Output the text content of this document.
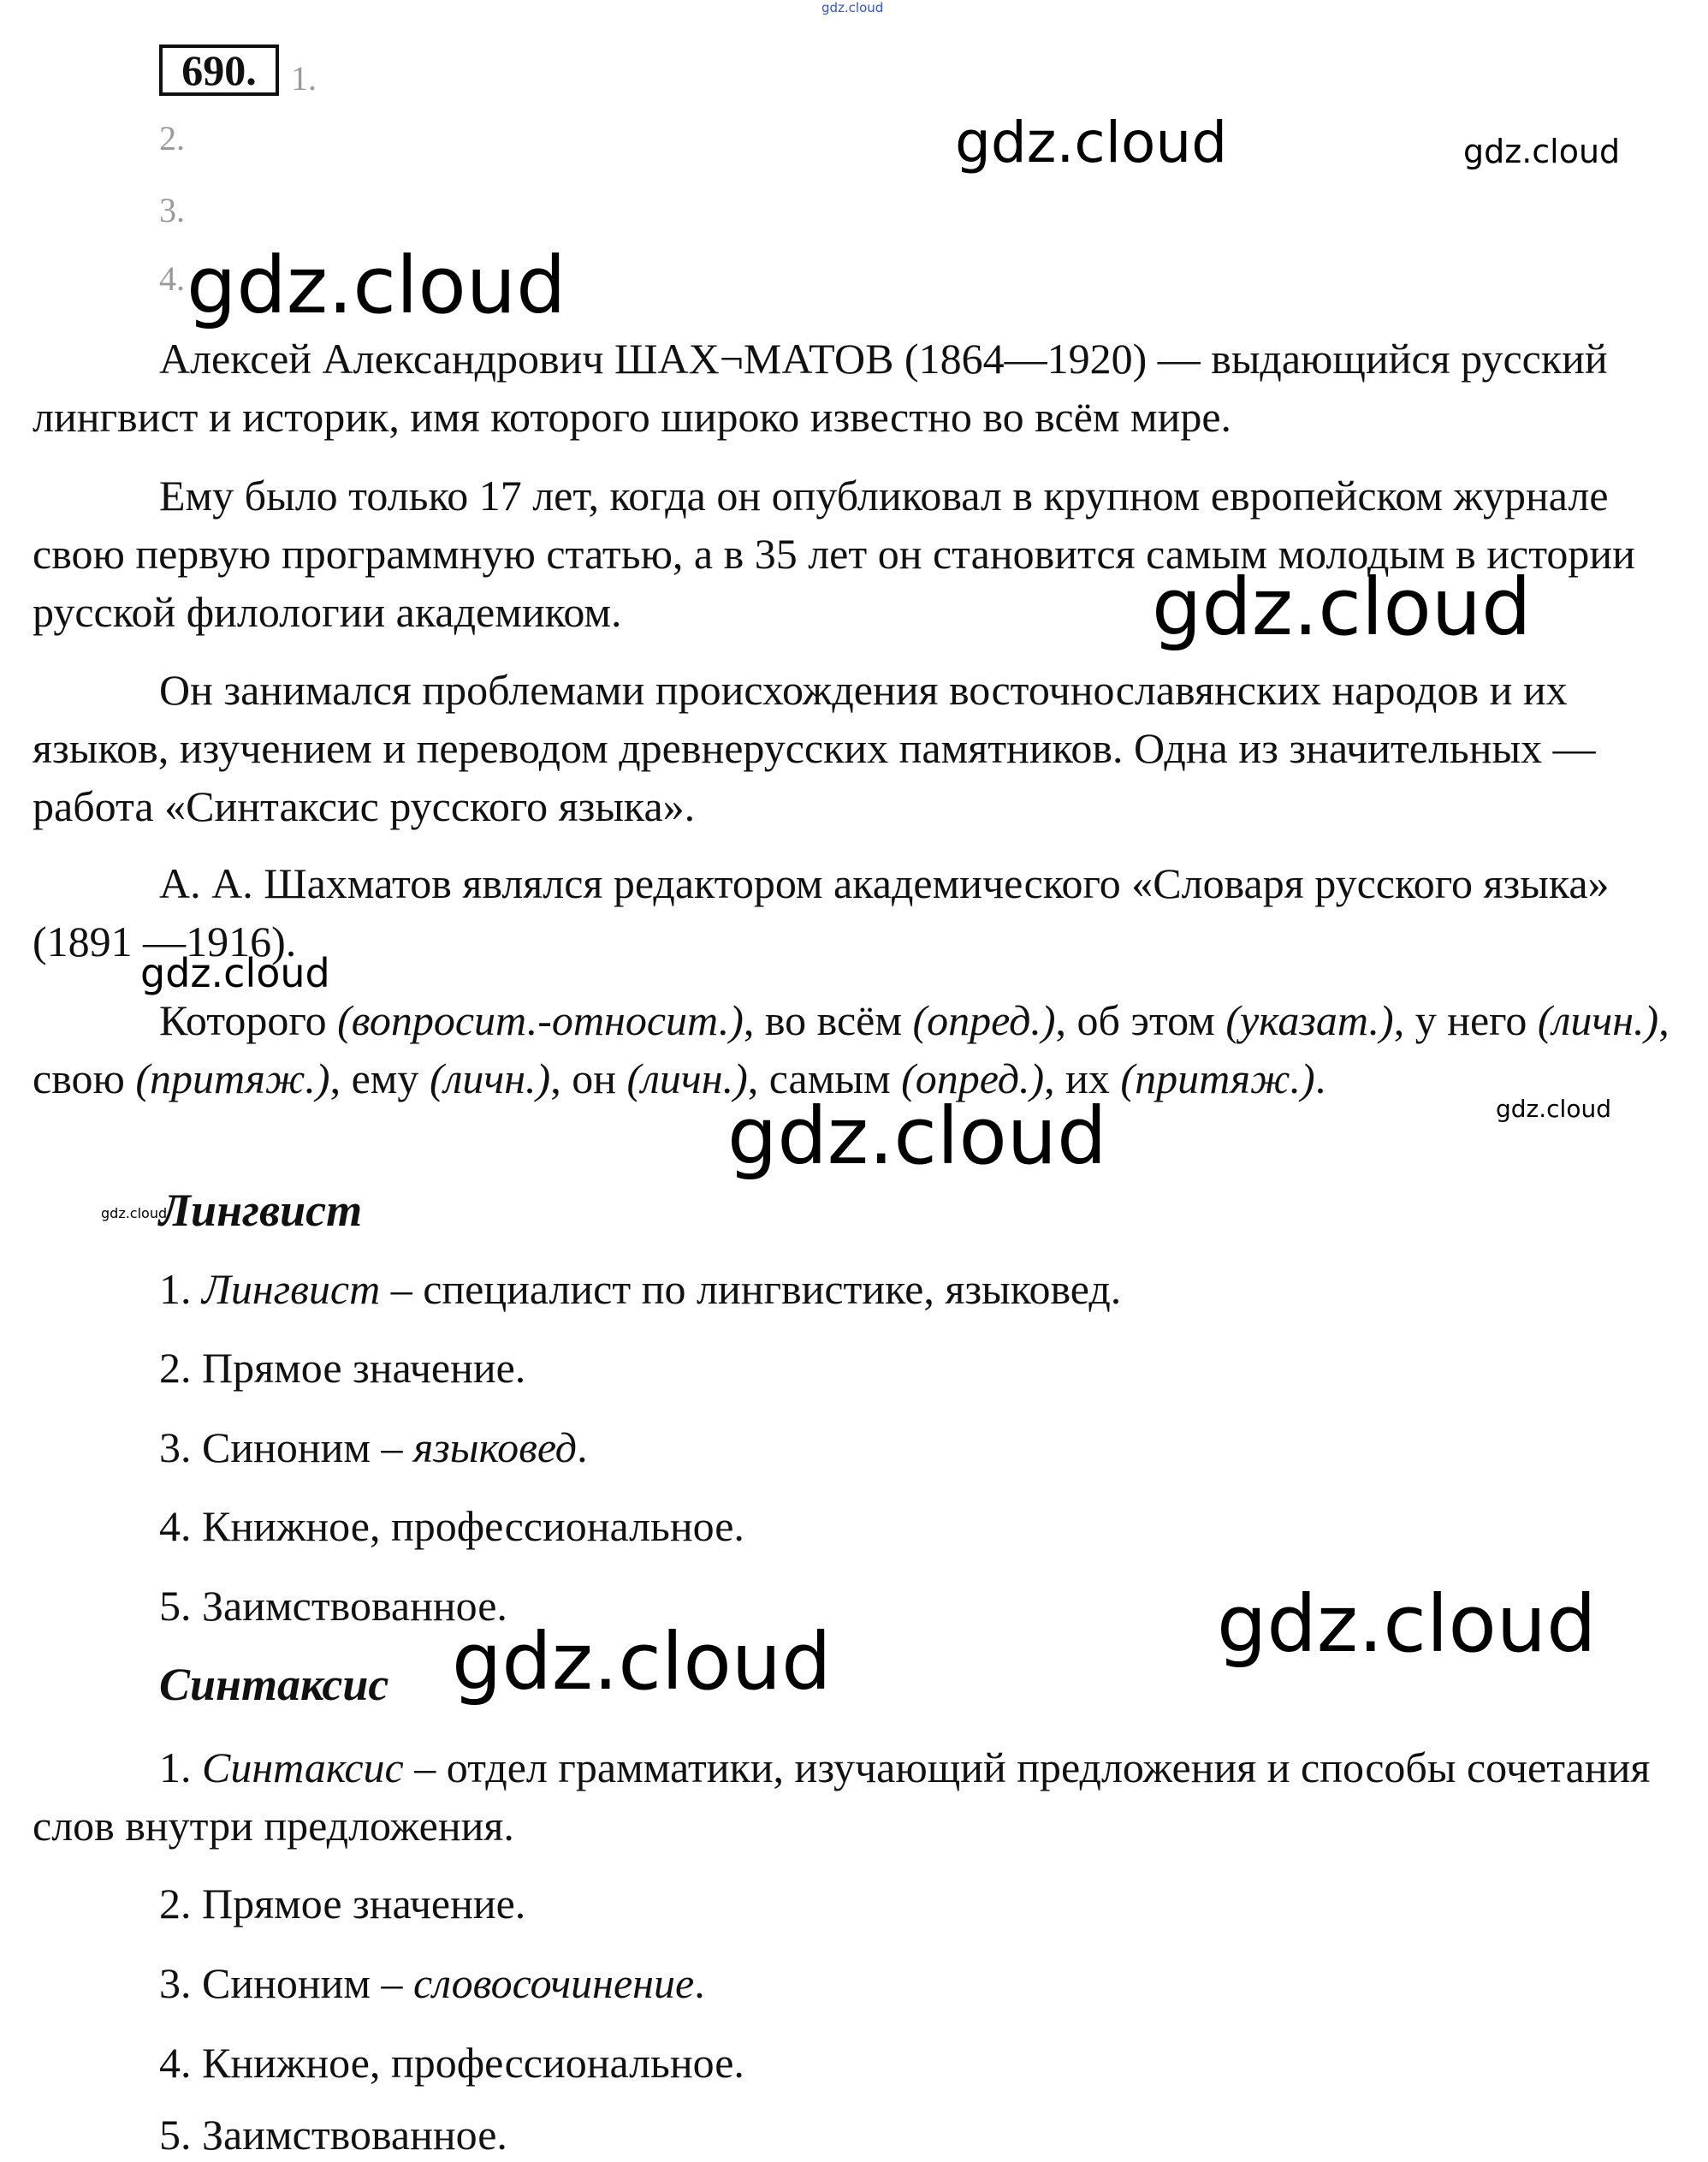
gdz.cloud
690.	1.
2.
3.
4.
gdz.cloud	gdz.cloud
gdz.cloud
gdz.cloud
gdz.cloud
gdz.cloud
gdz.cloud
gdz.cloud
gdz.cloud
gdz.cloud

Алексей Александрович ШАХ¬МАТОВ (1864—1920) — выдающийся русский лингвист и историк, имя которого широко известно во всём мире.

Ему было только 17 лет, когда он опубликовал в крупном европейском журнале свою первую программную статью, а в 35 лет он становится самым молодым в истории русской филологии академиком.

Он занимался проблемами происхождения восточнославянских народов и их языков, изучением и переводом древнерусских памятников. Одна из значительных — работа «Синтаксис русского языка».

А. А. Шахматов являлся редактором академического «Словаря русского языка» (1891 —1916).

Которого (вопросит.-относит.), во всём (опред.), об этом (указат.), у него (личн.), свою (притяж.), ему (личн.), он (личн.), самым (опред.), их (притяж.).

Лингвист
1. Лингвист – специалист по лингвистике, языковед.
2. Прямое значение.
3. Синоним – языковед.
4. Книжное, профессиональное.
5. Заимствованное.
Синтаксис

1. Синтаксис – отдел грамматики, изучающий предложения и способы сочетания слов внутри предложения.

2. Прямое значение.
3. Синоним – словосочинение.
4. Книжное, профессиональное.
5. Заимствованное.
